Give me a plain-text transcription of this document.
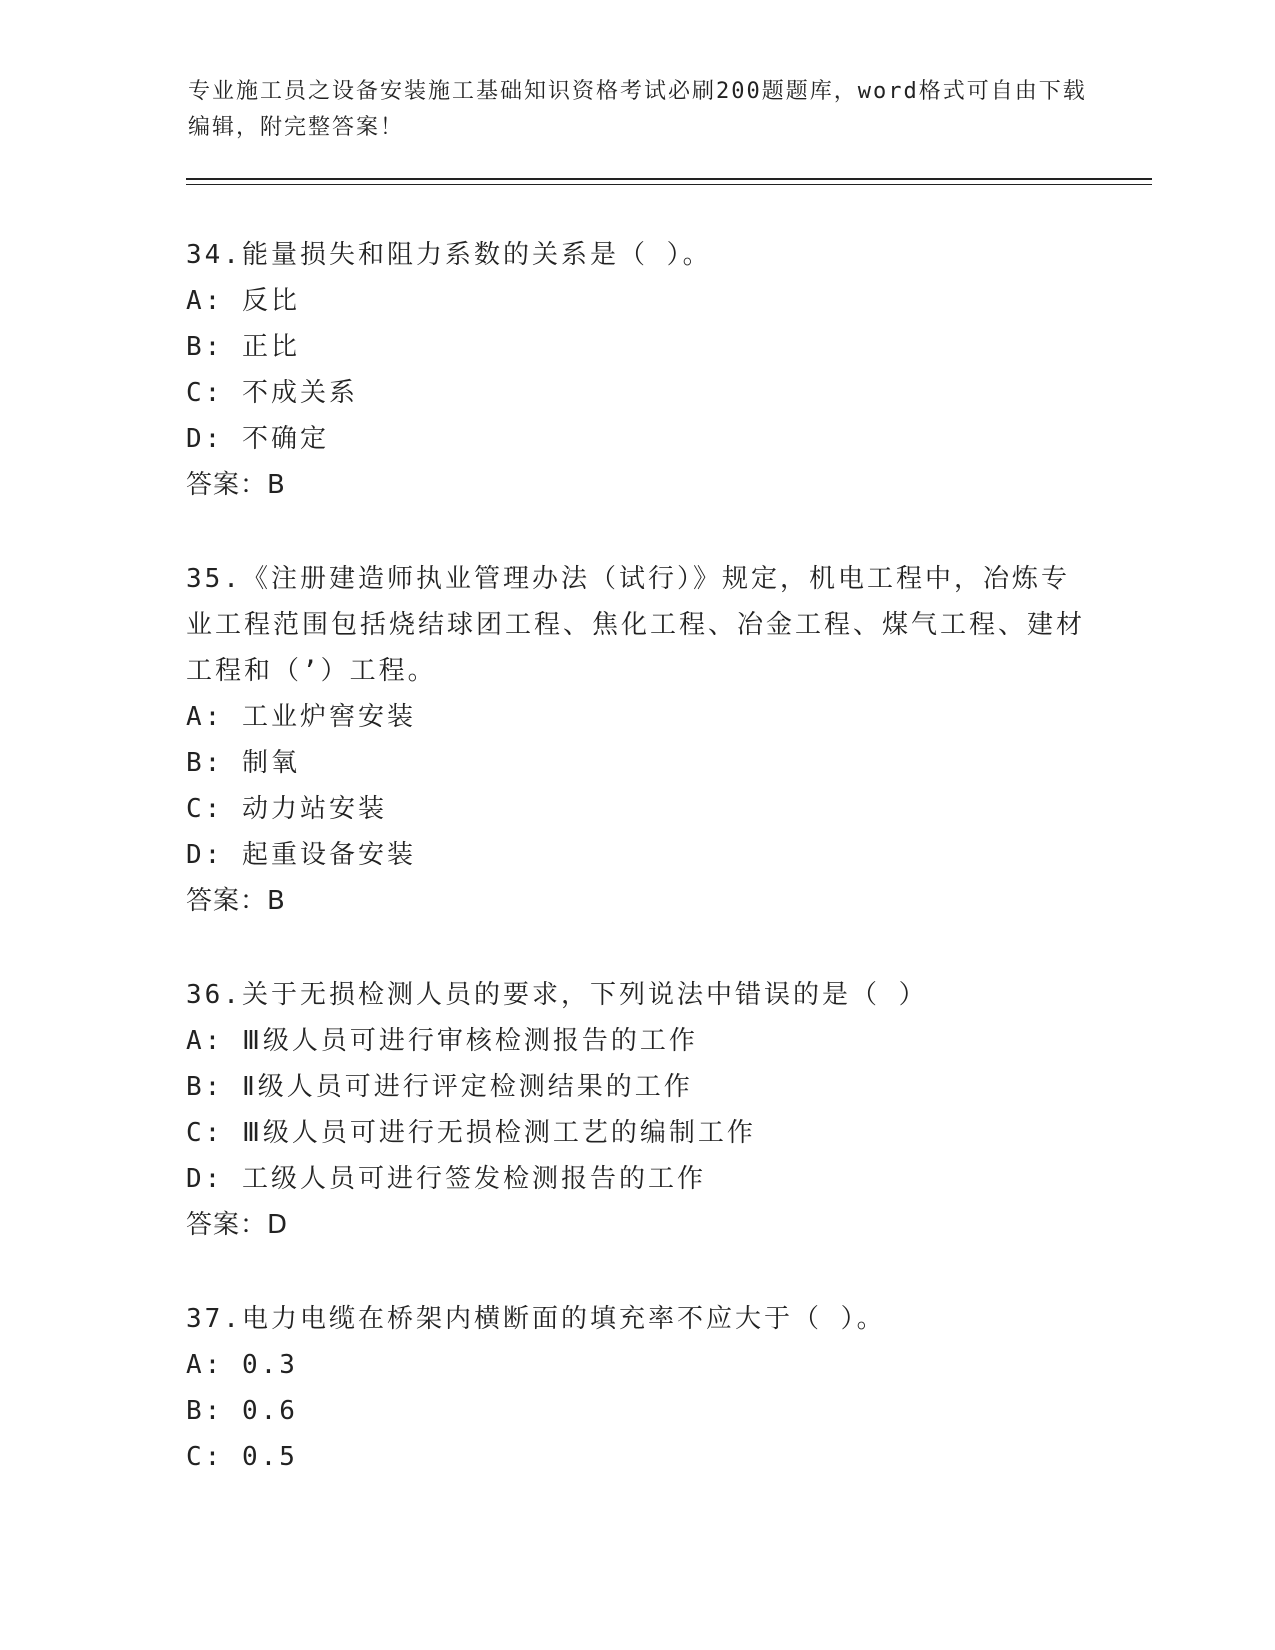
专业施工员之设备安装施工基础知识资格考试必刷200题题库，word格式可自由下载编辑，附完整答案！

34.能量损失和阻力系数的关系是（ ）。

A: 反比

B: 正比

C: 不成关系

D: 不确定

答案：B

35.《注册建造师执业管理办法（试行）》规定，机电工程中，冶炼专业工程范围包括烧结球团工程、焦化工程、冶金工程、煤气工程、建材工程和（’）工程。

A: 工业炉窖安装

B: 制氧

C: 动力站安装

D: 起重设备安装

答案：B

36.关于无损检测人员的要求，下列说法中错误的是（ ）

A: Ⅲ级人员可进行审核检测报告的工作

B: Ⅱ级人员可进行评定检测结果的工作

C: Ⅲ级人员可进行无损检测工艺的编制工作

D: 工级人员可进行签发检测报告的工作

答案：D

37.电力电缆在桥架内横断面的填充率不应大于（ ）。

A: 0.3

B: 0.6

C: 0.5
